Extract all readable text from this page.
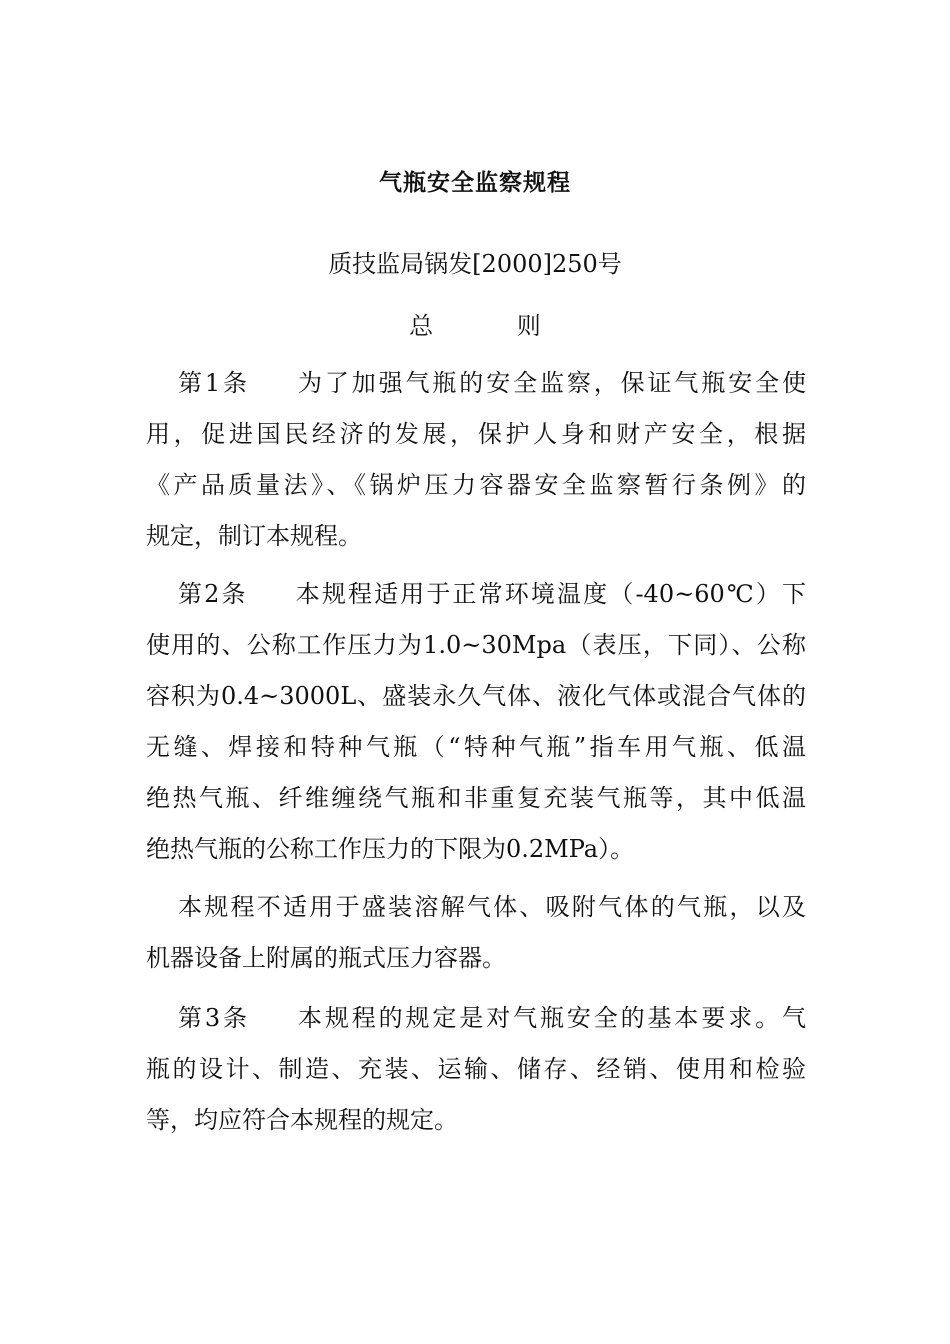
气瓶安全监察规程
质技监局锅发[2000]250号
总 则
第1条 为了加强气瓶的安全监察，保证气瓶安全使
用，促进国民经济的发展，保护人身和财产安全，根据
《产品质量法》、《锅炉压力容器安全监察暂行条例》的
规定，制订本规程。
第2条 本规程适用于正常环境温度（-40~60℃）下
使用的、公称工作压力为1.0~30Mpa（表压，下同）、公称
容积为0.4~3000L、盛装永久气体、液化气体或混合气体的
无缝、焊接和特种气瓶（“特种气瓶”指车用气瓶、低温
绝热气瓶、纤维缠绕气瓶和非重复充装气瓶等，其中低温
绝热气瓶的公称工作压力的下限为0.2MPa）。
本规程不适用于盛装溶解气体、吸附气体的气瓶，以及
机器设备上附属的瓶式压力容器。
第3条 本规程的规定是对气瓶安全的基本要求。气
瓶的设计、制造、充装、运输、储存、经销、使用和检验
等，均应符合本规程的规定。
